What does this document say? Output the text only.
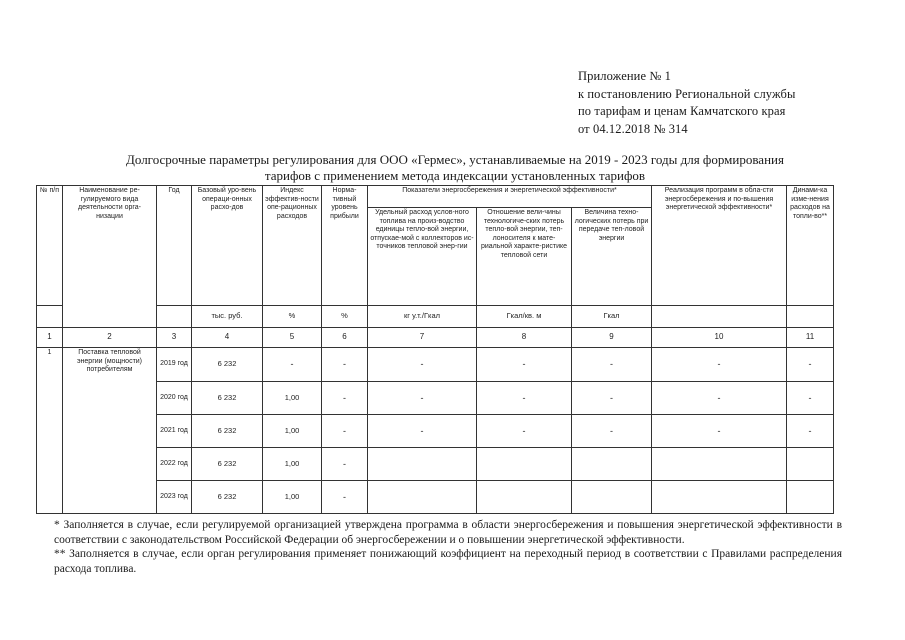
Приложение № 1
к постановлению Региональной службы
по тарифам и ценам Камчатского края
от 04.12.2018 № 314
Долгосрочные параметры регулирования для ООО «Гермес», устанавливаемые на 2019 - 2023 годы для формирования
тарифов с применением метода индексации установленных тарифов
№ п/п	Наименование ре-гулируемого вида деятельности орга-низации	Год	Базовый уро-вень операци-онных расхо-дов	Индекс эффектив-ности опе-рационных расходов	Норма-тивный уровень прибыли	Показатели энергосбережения и энергетической эффективности*			Реализация программ в обла-сти энергосбережения и по-вышения энергетической эффективности*	Динами-ка изме-нения расходов на топли-во**
						Удельный расход услов-ного топлива на произ-водство единицы тепло-вой энергии, отпускае-мой с коллекторов ис-точников тепловой энер-гии	Отношение вели-чины технологиче-ских потерь тепло-вой энергии, теп-лоносителя к мате-риальной характе-ристике тепловой сети	Величина техно-логических потерь при передаче теп-ловой энергии		
			тыс. руб.	%	%	кг у.т./Гкал	Гкал/кв. м	Гкал		
1	2	3	4	5	6	7	8	9	10	11
1	Поставка тепловой энергии (мощности) потребителям	2019 год	6 232	-	-	-	-	-	-	-
		2020 год	6 232	1,00	-	-	-	-	-	-
		2021 год	6 232	1,00	-	-	-	-	-	-
		2022 год	6 232	1,00	-					
		2023 год	6 232	1,00	-					

* Заполняется в случае, если регулируемой организацией утверждена программа в области энергосбережения и повышения энергетической эффективности в соответствии с законодательством Российской Федерации об энергосбережении и о повышении энергетической эффективности.

** Заполняется в случае, если орган регулирования применяет понижающий коэффициент на переходный период в соответствии с Правилами распределения расхода топлива.
